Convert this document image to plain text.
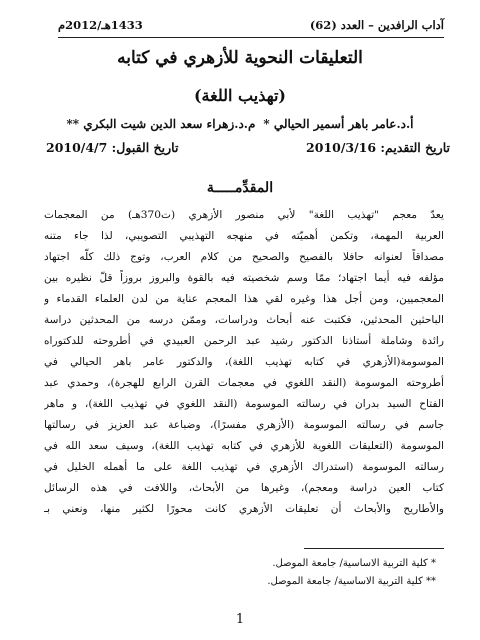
آداب الرافدين – العدد (62)
1433هـ/2012م
التعليقات النحوية للأزهري في كتابه
(تهذيب اللغة)
أ.د.عامر باهر أسمير الحيالي *م.د.زهراء سعد الدين شيت البكري **
تاريخ التقديم: 2010/3/16
تاريخ القبول: 2010/4/7
المقدِّمـــــة

يعدّ معجم "تهذيب اللغة" لأبي منصور الأزهري (ت370هـ) من المعجمات
العربية المهمة، وتكمن أهميّته في منهجه التهذيبي التصويبي، لذا جاء متنه
مصداقاً لعنوانه حافلا بالفصيح والصحيح من كلام العرب، وتوج ذلك كلّه اجتهاد
مؤلفه فيه أيما اجتهاد؛ ممّا وسم شخصيته فيه بالقوة والبروز بروزاً قلّ نظيره بين
المعجميين، ومن أجل هذا وغيره لقي هذا المعجم عناية من لدن العلماء القدماء و
الباحثين المحدثين، فكتبت عنه أبحاث ودراسات، وممّن درسه من المحدثين دراسة
رائدة وشاملة أستاذنا الدكتور رشيد عبد الرحمن العبيدي في أطروحته للدكتوراه
الموسومة(الأزهري في كتابه تهذيب اللغة)، والدكتور عامر باهر الحيالي في
أطروحته الموسومة (النقد اللغوي في معجمات القرن الرابع للهجرة)، وحمدي عبد
الفتاح السيد بدران في رسالته الموسومة (النقد اللغوي في تهذيب اللغة)، و ماهر
جاسم في رسالته الموسومة (الأزهري مفسرًا)، وضباعة عبد العزيز في رسالتها
الموسومة (التعليقات اللغوية للأزهري في كتابه تهذيب اللغة)، وسيف سعد الله في
رسالته الموسومة (استدراك الأزهري في تهذيب اللغة على ما أهمله الخليل في
كتاب العين دراسة ومعجم)، وغيرها من الأبحاث، واللافت في هذه الرسائل
والأطاريح والأبحاث أن تعليقات الأزهري كانت محورًا لكثير منها، ونعني بـ

* كلية التربية الاساسية/ جامعة الموصل.
** كلية التربية الاساسية/ جامعة الموصل.
1
